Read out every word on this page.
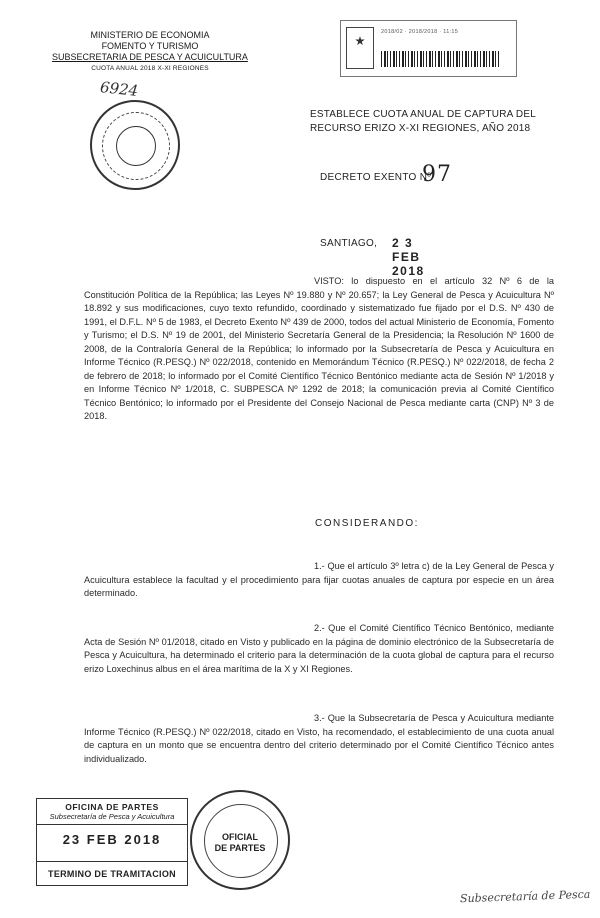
MINISTERIO DE ECONOMIA
FOMENTO Y TURISMO
SUBSECRETARIA DE PESCA Y ACUICULTURA
CUOTA ANUAL 2018 X-XI REGIONES
6924
2018/02 · 2018/2018 · 11:15
ESTABLECE CUOTA ANUAL DE CAPTURA DEL RECURSO ERIZO X-XI REGIONES, AÑO 2018
DECRETO EXENTO Nº
97
SANTIAGO, 2 3 FEB 2018
VISTO: lo dispuesto en el artículo 32 Nº 6 de la Constitución Política de la República; las Leyes Nº 19.880 y Nº 20.657; la Ley General de Pesca y Acuicultura Nº 18.892 y sus modificaciones, cuyo texto refundido, coordinado y sistematizado fue fijado por el D.S. Nº 430 de 1991, el D.F.L. Nº 5 de 1983, el Decreto Exento Nº 439 de 2000, todos del actual Ministerio de Economía, Fomento y Turismo; el D.S. Nº 19 de 2001, del Ministerio Secretaría General de la Presidencia; la Resolución Nº 1600 de 2008, de la Contraloría General de la República; lo informado por la Subsecretaría de Pesca y Acuicultura en Informe Técnico (R.PESQ.) Nº 022/2018, contenido en Memorándum Técnico (R.PESQ.) Nº 022/2018, de fecha 2 de febrero de 2018; lo informado por el Comité Científico Técnico Bentónico mediante acta de Sesión Nº 1/2018 y en Informe Técnico Nº 1/2018, C. SUBPESCA Nº 1292 de 2018; la comunicación previa al Comité Científico Técnico Bentónico; lo informado por el Presidente del Consejo Nacional de Pesca mediante carta (CNP) Nº 3 de 2018.
CONSIDERANDO:
1.- Que el artículo 3º letra c) de la Ley General de Pesca y Acuicultura establece la facultad y el procedimiento para fijar cuotas anuales de captura por especie en un área determinado.
2.- Que el Comité Científico Técnico Bentónico, mediante Acta de Sesión Nº 01/2018, citado en Visto y publicado en la página de dominio electrónico de la Subsecretaría de Pesca y Acuicultura, ha determinado el criterio para la determinación de la cuota global de captura para el recurso erizo Loxechinus albus en el área marítima de la X y XI Regiones.
3.- Que la Subsecretaría de Pesca y Acuicultura mediante Informe Técnico (R.PESQ.) Nº 022/2018, citado en Visto, ha recomendado, el establecimiento de una cuota anual de captura en un monto que se encuentra dentro del criterio determinado por el Comité Científico Técnico antes individualizado.
OFICINA DE PARTES
Subsecretaría de Pesca y Acuicultura
23 FEB 2018
TERMINO DE TRAMITACION
OFICIAL
DE PARTES
Subsecretaría de Pesca
